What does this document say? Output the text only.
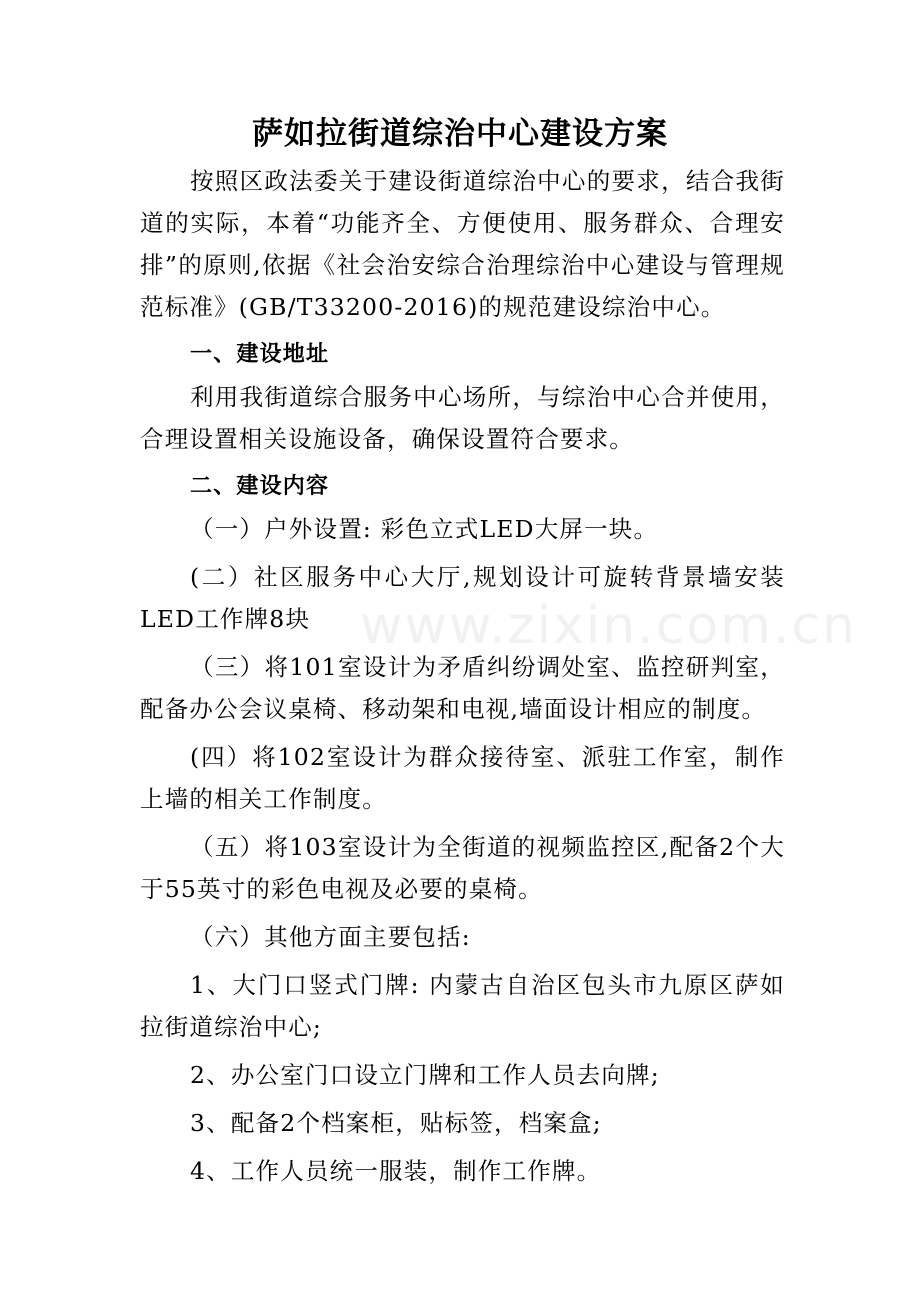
萨如拉街道综治中心建设方案

按照区政法委关于建设街道综治中心的要求，结合我街道的实际，本着“功能齐全、方便使用、服务群众、合理安排”的原则,依据《社会治安综合治理综治中心建设与管理规范标准》(GB/T33200-2016)的规范建设综治中心。

一、建设地址

利用我街道综合服务中心场所，与综治中心合并使用，合理设置相关设施设备，确保设置符合要求。

二、建设内容

（一）户外设置: 彩色立式LED大屏一块。

(二）社区服务中心大厅,规划设计可旋转背景墙安装LED工作牌8块

（三）将101室设计为矛盾纠纷调处室、监控研判室，配备办公会议桌椅、移动架和电视,墙面设计相应的制度。

(四）将102室设计为群众接待室、派驻工作室，制作上墙的相关工作制度。

（五）将103室设计为全街道的视频监控区,配备2个大于55英寸的彩色电视及必要的桌椅。

（六）其他方面主要包括:

1、大门口竖式门牌: 内蒙古自治区包头市九原区萨如拉街道综治中心;

2、办公室门口设立门牌和工作人员去向牌;

3、配备2个档案柜，贴标签，档案盒;

4、工作人员统一服装，制作工作牌。

www.zixin.com.cn
